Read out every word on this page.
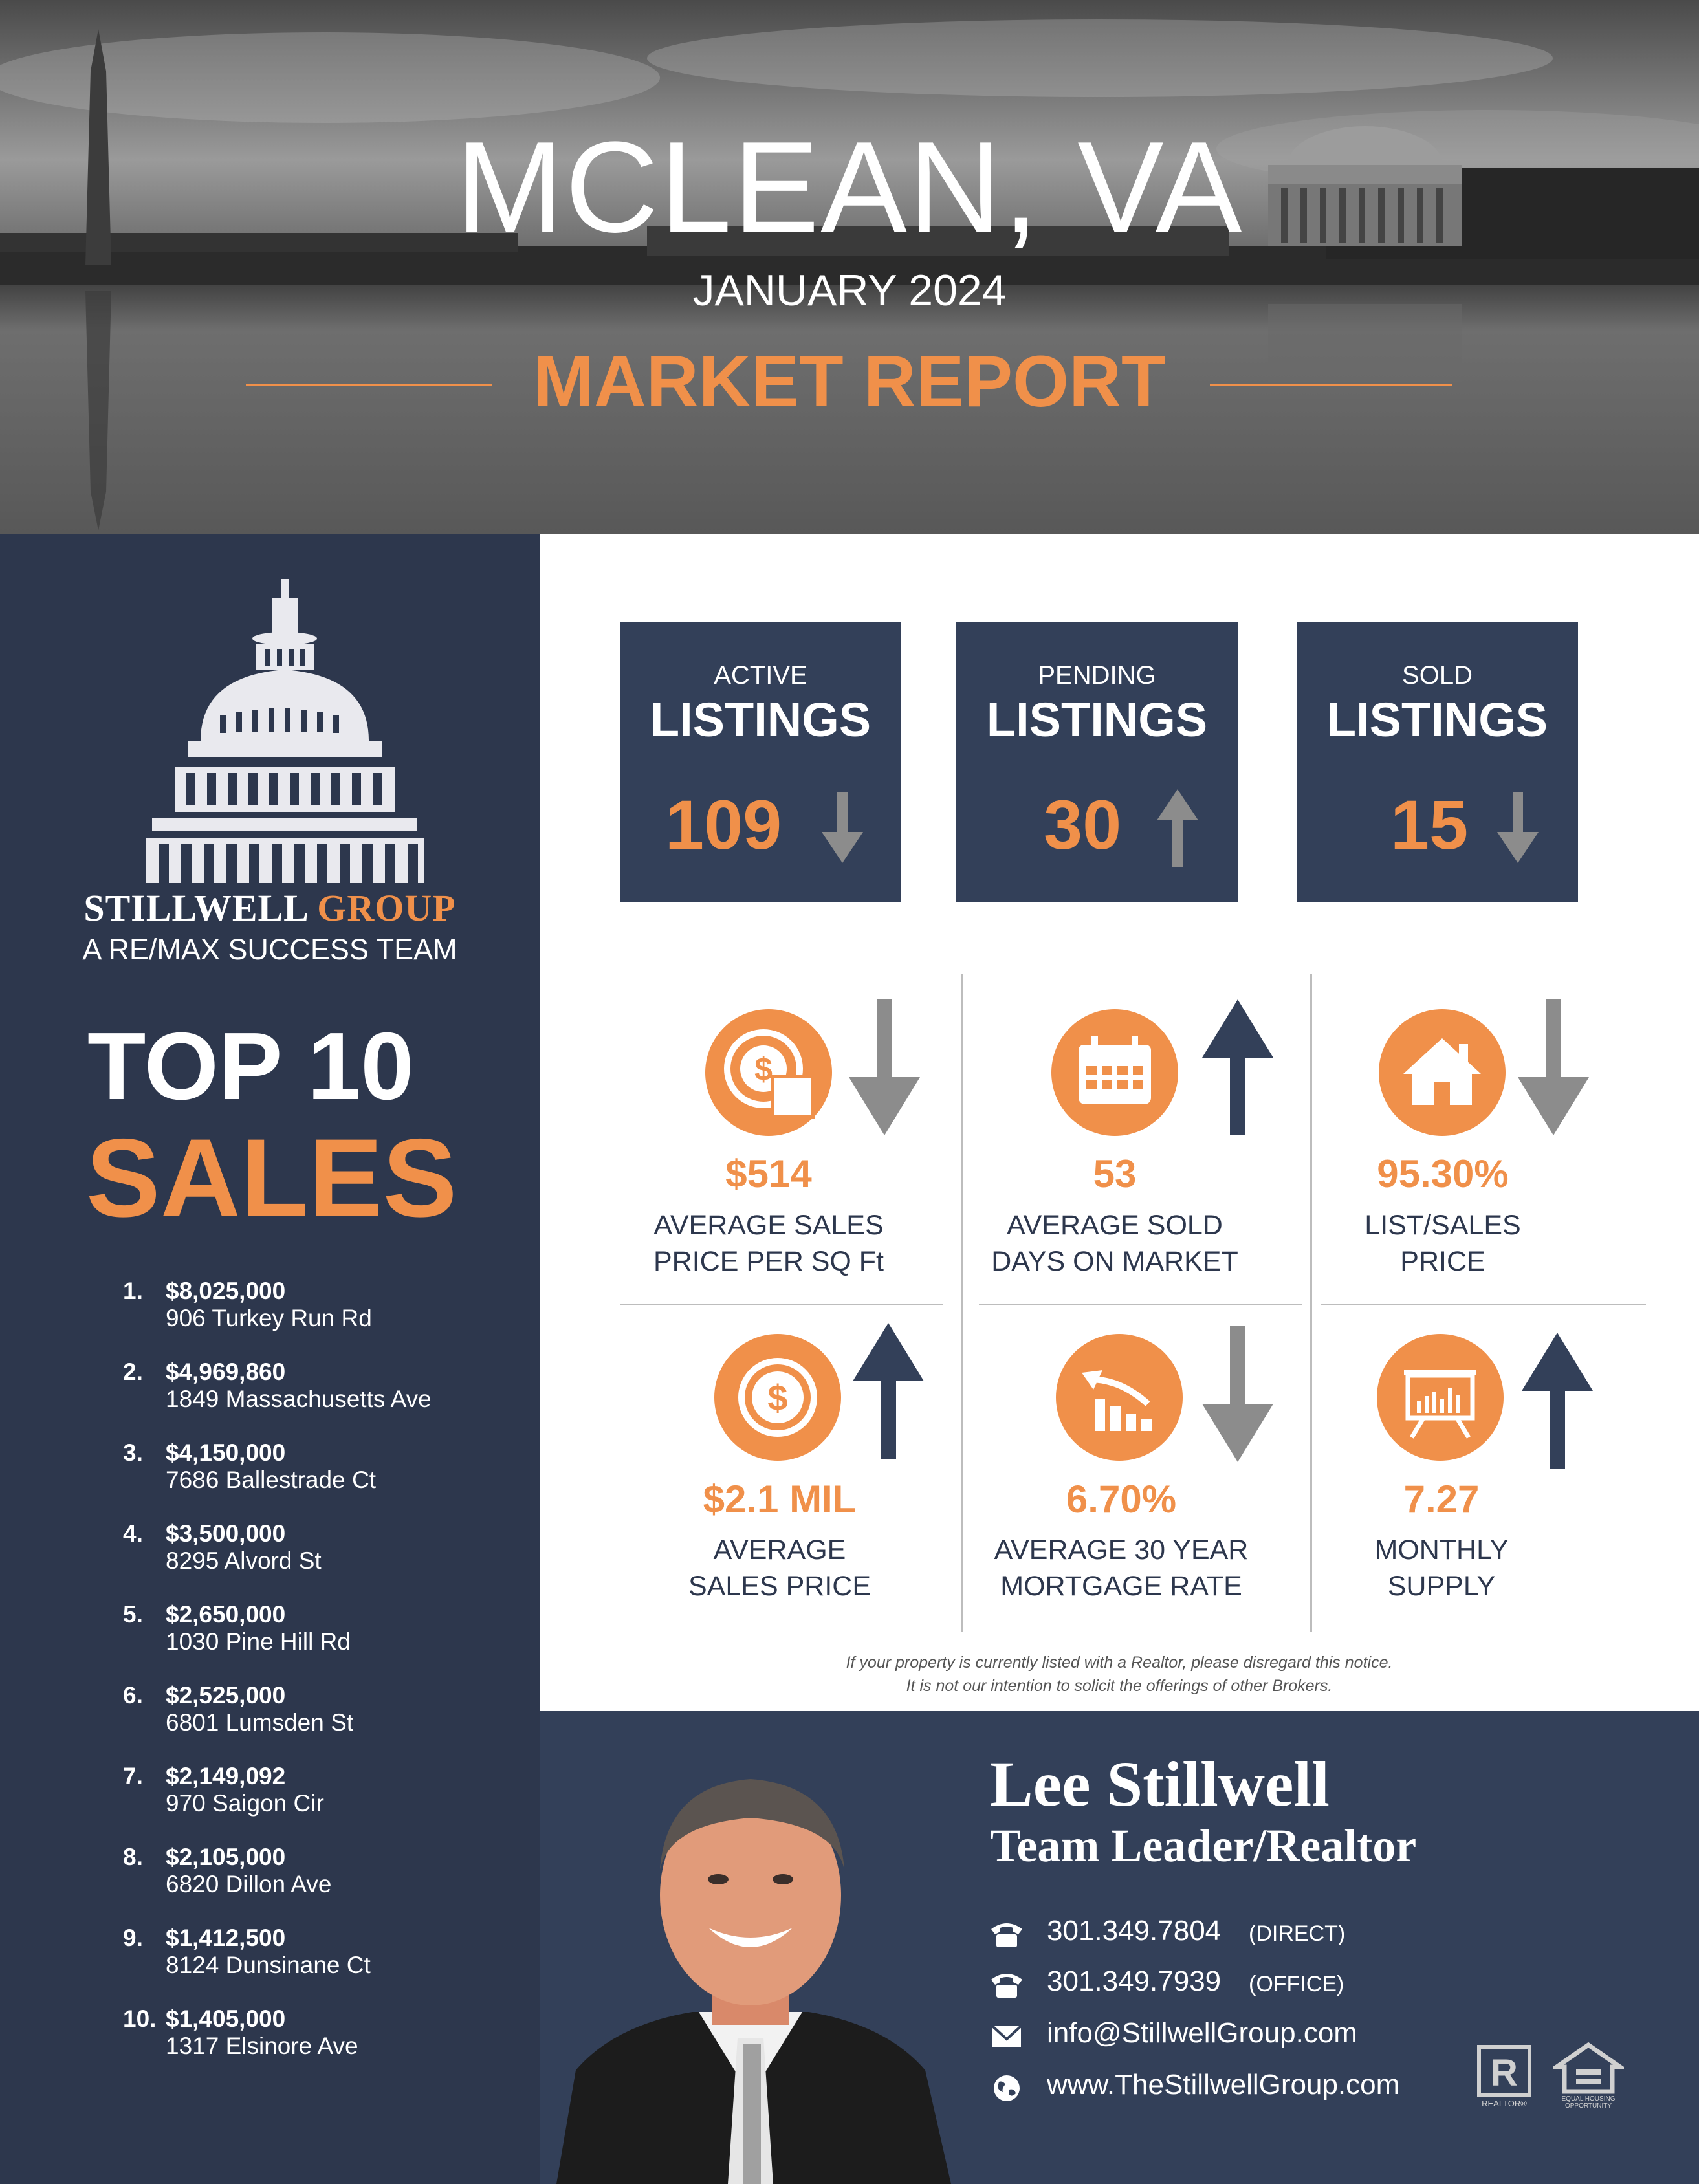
MCLEAN, VA
JANUARY 2024
MARKET REPORT
STILLWELL GROUP
A RE/MAX SUCCESS TEAM
TOP 10
SALES
1. $8,025,000
906 Turkey Run Rd
2. $4,969,860
1849 Massachusetts Ave
3. $4,150,000
7686 Ballestrade Ct
4. $3,500,000
8295 Alvord St
5. $2,650,000
1030 Pine Hill Rd
6. $2,525,000
6801 Lumsden St
7. $2,149,092
970 Saigon Cir
8. $2,105,000
6820 Dillon Ave
9. $1,412,500
8124 Dunsinane Ct
10. $1,405,000
1317 Elsinore Ave
ACTIVE
LISTINGS
109
PENDING
LISTINGS
30
SOLD
LISTINGS
15
$
$514
AVERAGE SALES
PRICE PER SQ Ft
53
AVERAGE SOLD
DAYS ON MARKET
95.30%
LIST/SALES
PRICE
$
$2.1 MIL
AVERAGE
SALES PRICE
6.70%
AVERAGE 30 YEAR
MORTGAGE RATE
7.27
MONTHLY
SUPPLY
If your property is currently listed with a Realtor, please disregard this notice.
It is not our intention to solicit the offerings of other Brokers.
Lee Stillwell
Team Leader/Realtor
301.349.7804 (DIRECT)
301.349.7939 (OFFICE)
info@StillwellGroup.com
www.TheStillwellGroup.com R
REALTOR®	EQUAL HOUSING
OPPORTUNITY
